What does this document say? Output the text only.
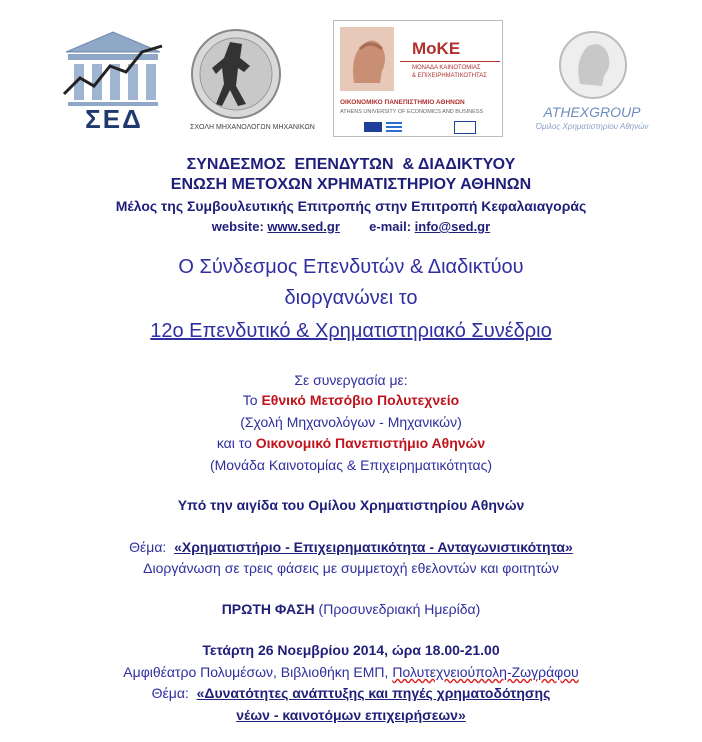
ΣΕΔ	ΣΧΟΛΗ ΜΗΧΑΝΟΛΟΓΩΝ ΜΗΧΑΝΙΚΩΝ
MoKE
ΜΟΝΑΔΑ ΚΑΙΝΟΤΟΜΙΑΣ
& ΕΠΙΧΕΙΡΗΜΑΤΙΚΟΤΗΤΑΣ
ΟΙΚΟΝΟΜΙΚΟ ΠΑΝΕΠΙΣΤΗΜΙΟ ΑΘΗΝΩΝ
ATHENS UNIVERSITY OF ECONOMICS AND BUSINESS	ATHEXGROUP
Όμιλος Χρηματιστηρίου Αθηνών
ΣΥΝΔΕΣΜΟΣ  ΕΠΕΝΔΥΤΩΝ  & ΔΙΑΔΙΚΤΥΟΥ
ΕΝΩΣΗ ΜΕΤΟΧΩΝ ΧΡΗΜΑΤΙΣΤΗΡΙΟΥ ΑΘΗΝΩΝ
Μέλος της Συμβουλευτικής Επιτροπής στην Επιτροπή Κεφαλαιαγοράς
website: www.sed.gr e-mail: info@sed.gr
Ο Σύνδεσμος Επενδυτών & Διαδικτύου
διοργανώνει το
12ο Επενδυτικό & Χρηματιστηριακό Συνέδριο
Σε συνεργασία με:
Το Εθνικό Μετσόβιο Πολυτεχνείο
(Σχολή Μηχανολόγων - Μηχανικών)
και το Οικονομικό Πανεπιστήμιο Αθηνών
(Μονάδα Καινοτομίας & Επιχειρηματικότητας)
Υπό την αιγίδα του Ομίλου Χρηματιστηρίου Αθηνών
Θέμα:  «Χρηματιστήριο - Επιχειρηματικότητα - Ανταγωνιστικότητα»
Διοργάνωση σε τρεις φάσεις με συμμετοχή εθελοντών και φοιτητών
ΠΡΩΤΗ ΦΑΣΗ (Προσυνεδριακή Ημερίδα)
Τετάρτη 26 Νοεμβρίου 2014, ώρα 18.00-21.00
Αμφιθέατρο Πολυμέσων, Βιβλιοθήκη ΕΜΠ, Πολυτεχνειούπολη-Ζωγράφου
Θέμα:  «Δυνατότητες ανάπτυξης και πηγές χρηματοδότησης
νέων - καινοτόμων επιχειρήσεων»
